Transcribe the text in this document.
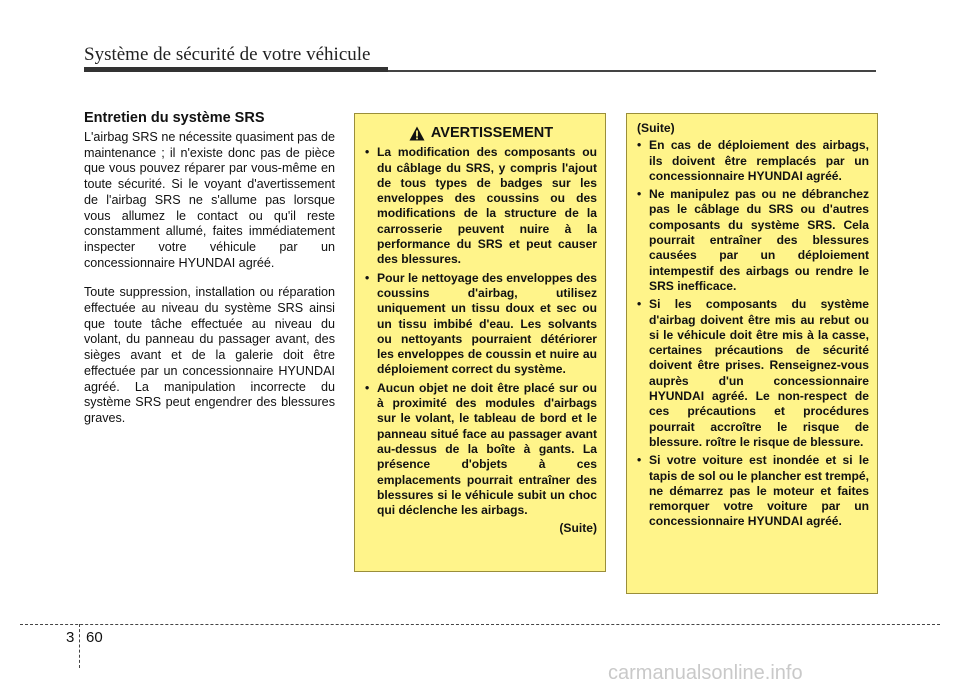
Système de sécurité de votre véhicule
Entretien du système SRS

L'airbag SRS ne nécessite quasiment pas de maintenance ; il n'existe donc pas de pièce que vous pouvez réparer par vous-même en toute sécurité. Si le voyant d'avertissement de l'airbag SRS ne s'allume pas lorsque vous allumez le contact ou qu'il reste constamment allumé, faites immédiatement inspecter votre véhicule par un concessionnaire HYUNDAI agréé.

Toute suppression, installation ou réparation effectuée au niveau du système SRS ainsi que toute tâche effectuée au niveau du volant, du panneau du passager avant, des sièges avant et de la galerie doit être effectuée par un concessionnaire HYUNDAI agréé. La manipulation incorrecte du système SRS peut engendrer des blessures graves.

AVERTISSEMENT
• La modification des composants ou du câblage du SRS, y compris l'ajout de tous types de badges sur les enveloppes des coussins ou des modifications de la structure de la carrosserie peuvent nuire à la performance du SRS et peut causer des blessures.
• Pour le nettoyage des enveloppes des coussins d'airbag, utilisez uniquement un tissu doux et sec ou un tissu imbibé d'eau. Les solvants ou nettoyants pourraient détériorer les enveloppes de coussin et nuire au déploiement correct du système.
• Aucun objet ne doit être placé sur ou à proximité des modules d'airbags sur le volant, le tableau de bord et le panneau situé face au passager avant au-dessus de la boîte à gants. La présence d'objets à ces emplacements pourrait entraîner des blessures si le véhicule subit un choc qui déclenche les airbags.
(Suite)
(Suite)
• En cas de déploiement des airbags, ils doivent être remplacés par un concessionnaire HYUNDAI agréé.
• Ne manipulez pas ou ne débranchez pas le câblage du SRS ou d'autres composants du système SRS. Cela pourrait entraîner des blessures causées par un déploiement intempestif des airbags ou rendre le SRS inefficace.
• Si les composants du système d'airbag doivent être mis au rebut ou si le véhicule doit être mis à la casse, certaines précautions de sécurité doivent être prises. Renseignez-vous auprès d'un concessionnaire HYUNDAI agréé. Le non-respect de ces précautions et procédures pourrait accroître le risque de blessure. roître le risque de blessure.
• Si votre voiture est inondée et si le tapis de sol ou le plancher est trempé, ne démarrez pas le moteur et faites remorquer votre voiture par un concessionnaire HYUNDAI agréé.
3 60
carmanualsonline.info
